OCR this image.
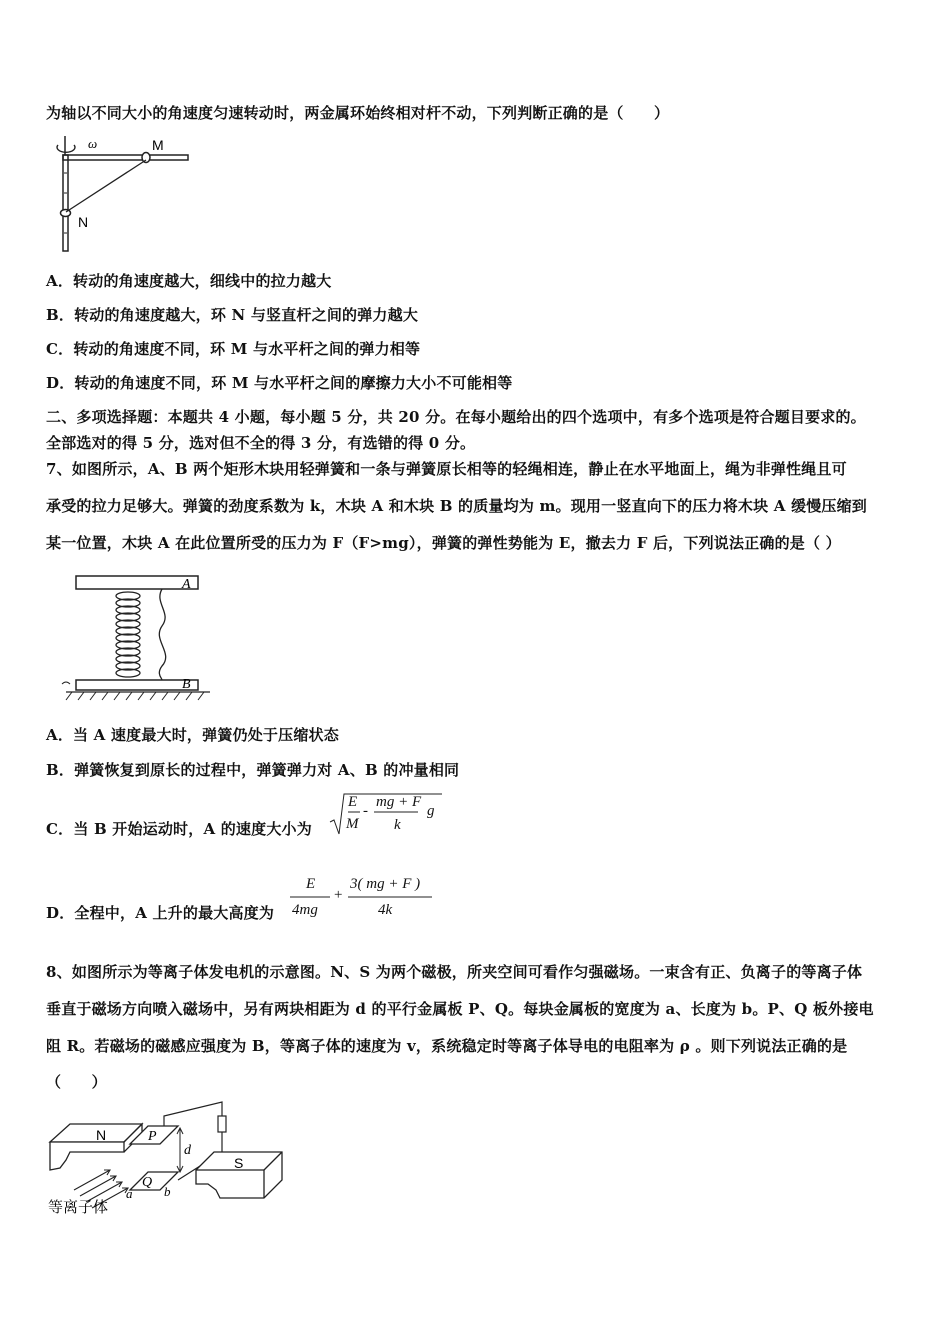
为轴以不同大小的角速度匀速转动时，两金属环始终相对杆不动，下列判断正确的是（　　）
ω	M
N
A．转动的角速度越大，细线中的拉力越大
B．转动的角速度越大，环 N 与竖直杆之间的弹力越大
C．转动的角速度不同，环 M 与水平杆之间的弹力相等
D．转动的角速度不同，环 M 与水平杆之间的摩擦力大小不可能相等
二、多项选择题：本题共 4 小题，每小题 5 分，共 20 分。在每小题给出的四个选项中，有多个选项是符合题目要求的。
全部选对的得 5 分，选对但不全的得 3 分，有选错的得 0 分。
7、如图所示，A、B 两个矩形木块用轻弹簧和一条与弹簧原长相等的轻绳相连，静止在水平地面上，绳为非弹性绳且可
承受的拉力足够大。弹簧的劲度系数为 k，木块 A 和木块 B 的质量均为 m。现用一竖直向下的压力将木块 A 缓慢压缩到
某一位置，木块 A 在此位置所受的压力为 F（F>mg），弹簧的弹性势能为 E，撤去力 F 后，下列说法正确的是（ ）
A
B
A．当 A 速度最大时，弹簧仍处于压缩状态
B．弹簧恢复到原长的过程中，弹簧弹力对 A、B 的冲量相同
C．当 B 开始运动时，A 的速度大小为
E
M
-
mg + F
k
g
D．全程中，A 上升的最大高度为
E
4mg
+
3( mg + F )
4k
8、如图所示为等离子体发电机的示意图。N、S 为两个磁极，所夹空间可看作匀强磁场。一束含有正、负离子的等离子体
垂直于磁场方向喷入磁场中，另有两块相距为 d 的平行金属板 P、Q。每块金属板的宽度为 a、长度为 b。P、Q 板外接电
阻 R。若磁场的磁感应强度为 B，等离子体的速度为 v，系统稳定时等离子体导电的电阻率为 ρ 。则下列说法正确的是
（　　）
N	P
Q
d
S
a b
等离子体
